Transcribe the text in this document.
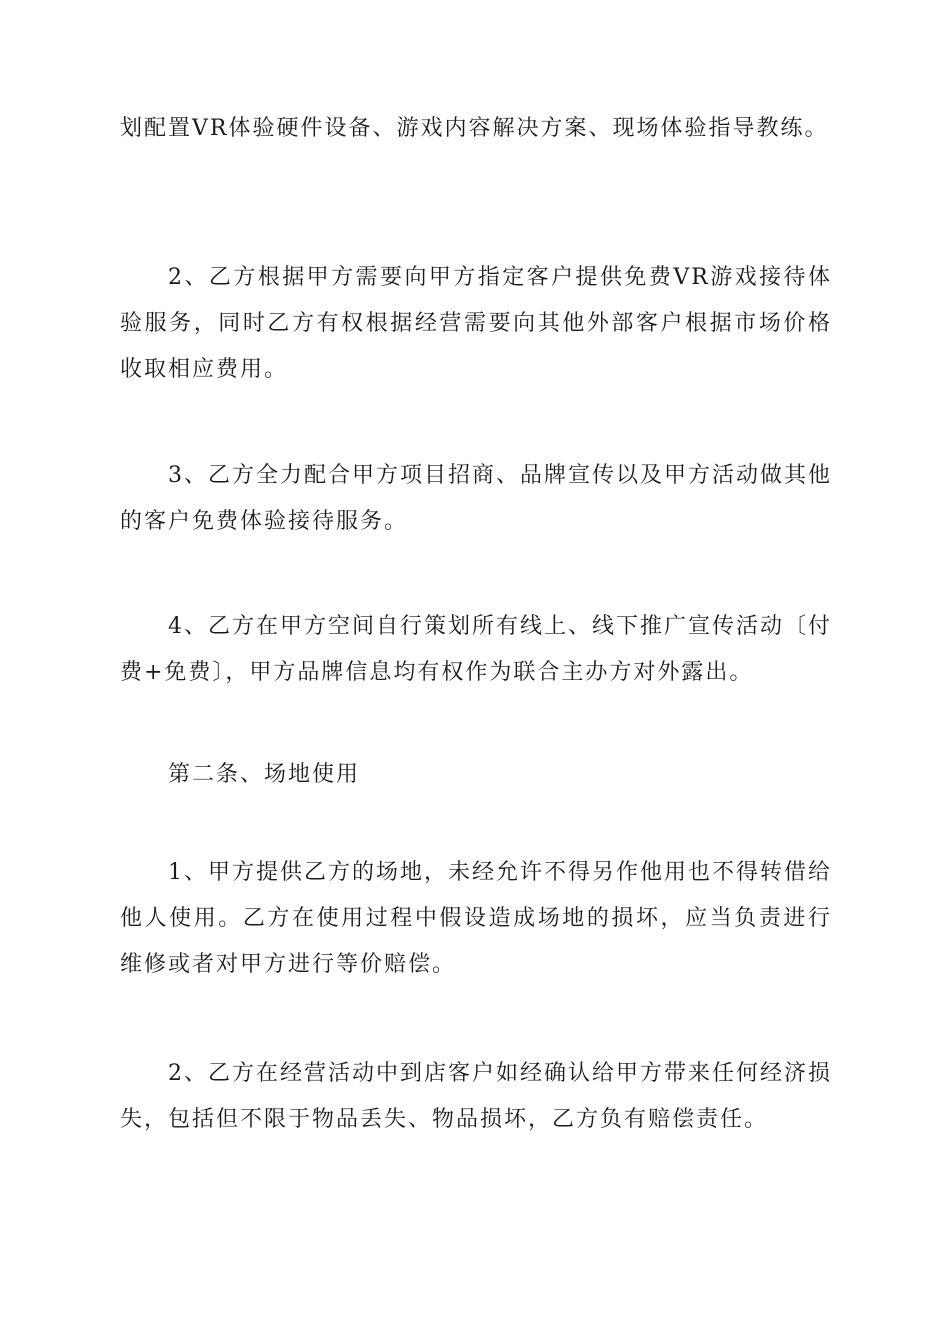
划配置VR体验硬件设备、游戏内容解决方案、现场体验指导教练。

2、乙方根据甲方需要向甲方指定客户提供免费VR游戏接待体验服务，同时乙方有权根据经营需要向其他外部客户根据市场价格收取相应费用。

3、乙方全力配合甲方项目招商、品牌宣传以及甲方活动做其他的客户免费体验接待服务。

4、乙方在甲方空间自行策划所有线上、线下推广宣传活动〔付费+免费〕，甲方品牌信息均有权作为联合主办方对外露出。

第二条、场地使用

1、甲方提供乙方的场地，未经允许不得另作他用也不得转借给他人使用。乙方在使用过程中假设造成场地的损坏，应当负责进行维修或者对甲方进行等价赔偿。

2、乙方在经营活动中到店客户如经确认给甲方带来任何经济损失，包括但不限于物品丢失、物品损坏，乙方负有赔偿责任。
